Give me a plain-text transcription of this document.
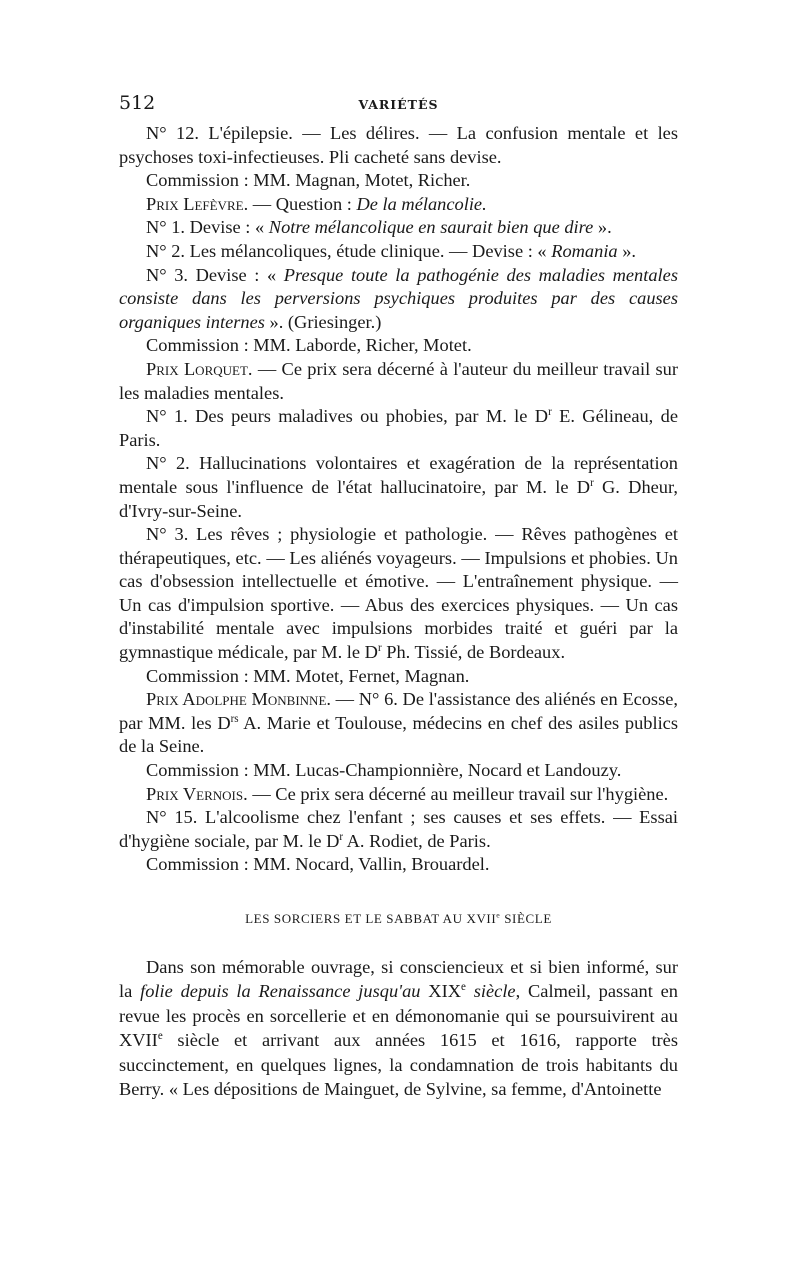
512	VARIÉTÉS

N° 12. L'épilepsie. — Les délires. — La confusion mentale et les psychoses toxi-infectieuses. Pli cacheté sans devise.

Commission : MM. Magnan, Motet, Richer.

Prix Lefèvre. — Question : De la mélancolie.

N° 1. Devise : « Notre mélancolique en saurait bien que dire ».

N° 2. Les mélancoliques, étude clinique. — Devise : « Romania ».

N° 3. Devise : « Presque toute la pathogénie des maladies mentales consiste dans les perversions psychiques produites par des causes organiques internes ». (Griesinger.)

Commission : MM. Laborde, Richer, Motet.

Prix Lorquet. — Ce prix sera décerné à l'auteur du meilleur travail sur les maladies mentales.

N° 1. Des peurs maladives ou phobies, par M. le $D^r$ E. Gélineau, de Paris.

N° 2. Hallucinations volontaires et exagération de la représentation mentale sous l'influence de l'état hallucinatoire, par M. le $D^r$ G. Dheur, d'Ivry-sur-Seine.

N° 3. Les rêves ; physiologie et pathologie. — Rêves pathogènes et thérapeutiques, etc. — Les aliénés voyageurs. — Impulsions et phobies. Un cas d'obsession intellectuelle et émotive. — L'entraînement physique. — Un cas d'impulsion sportive. — Abus des exercices physiques. — Un cas d'instabilité mentale avec impulsions morbides traité et guéri par la gymnastique médicale, par M. le $D^r$ Ph. Tissié, de Bordeaux.

Commission : MM. Motet, Fernet, Magnan.

Prix Adolphe Monbinne. — N° 6. De l'assistance des aliénés en Ecosse, par MM. les $D^{rs}$ A. Marie et Toulouse, médecins en chef des asiles publics de la Seine.

Commission : MM. Lucas-Championnière, Nocard et Landouzy.

Prix Vernois. — Ce prix sera décerné au meilleur travail sur l'hygiène.

N° 15. L'alcoolisme chez l'enfant ; ses causes et ses effets. — Essai d'hygiène sociale, par M. le $D^r$ A. Rodiet, de Paris.

Commission : MM. Nocard, Vallin, Brouardel.

LES SORCIERS ET LE SABBAT AU XVIIe SIÈCLE

Dans son mémorable ouvrage, si consciencieux et si bien informé, sur la folie depuis la Renaissance jusqu'au XIXe siècle, Calmeil, passant en revue les procès en sorcellerie et en démonomanie qui se poursuivirent au XVIIe siècle et arrivant aux années 1615 et 1616, rapporte très succinctement, en quelques lignes, la condamnation de trois habitants du Berry. « Les dépositions de Mainguet, de Sylvine, sa femme, d'Antoinette
